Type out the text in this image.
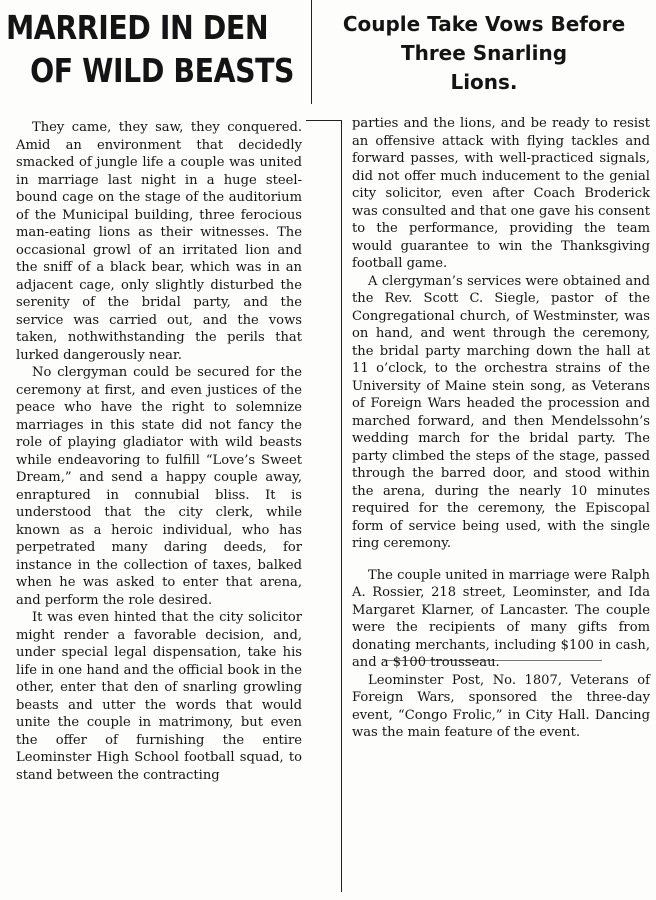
MARRIED IN DEN
OF WILD BEASTS
Couple Take Vows Before
Three Snarling
Lions.

They came, they saw, they conquered. Amid an environment that decidedly smacked of jungle life a couple was united in marriage last night in a huge steel-bound cage on the stage of the auditorium of the Municipal building, three ferocious man-eating lions as their witnesses. The occasional growl of an irritated lion and the sniff of a black bear, which was in an adjacent cage, only slightly disturbed the serenity of the bridal party, and the service was carried out, and the vows taken, nothwithstanding the perils that lurked dangerously near.

No clergyman could be secured for the ceremony at first, and even justices of the peace who have the right to solemnize marriages in this state did not fancy the role of playing gladiator with wild beasts while endeavoring to fulfill “Love’s Sweet Dream,” and send a happy couple away, enraptured in connubial bliss. It is understood that the city clerk, while known as a heroic individual, who has perpetrated many daring deeds, for instance in the collection of taxes, balked when he was asked to enter that arena, and perform the role desired.

It was even hinted that the city solicitor might render a favorable decision, and, under special legal dispensation, take his life in one hand and the official book in the other, enter that den of snarling growling beasts and utter the words that would unite the couple in matrimony, but even the offer of furnishing the entire Leominster High School football squad, to stand between the contracting

parties and the lions, and be ready to resist an offensive attack with flying tackles and forward passes, with well-practiced signals, did not offer much inducement to the genial city solicitor, even after Coach Broderick was consulted and that one gave his consent to the performance, providing the team would guarantee to win the Thanksgiving football game.

A clergyman’s services were obtained and the Rev. Scott C. Siegle, pastor of the Congregational church, of Westminster, was on hand, and went through the ceremony, the bridal party marching down the hall at 11 o’clock, to the orchestra strains of the University of Maine stein song, as Veterans of Foreign Wars headed the procession and marched forward, and then Mendelssohn’s wedding march for the bridal party. The party climbed the steps of the stage, passed through the barred door, and stood within the arena, during the nearly 10 minutes required for the ceremony, the Episcopal form of service being used, with the single ring ceremony.

The couple united in marriage were Ralph A. Rossier, 218 street, Leominster, and Ida Margaret Klarner, of Lancaster. The couple were the recipients of many gifts from donating merchants, including $100 in cash, and a $100 trousseau.

Leominster Post, No. 1807, Veterans of Foreign Wars, sponsored the three-day event, “Congo Frolic,” in City Hall. Dancing was the main feature of the event.
